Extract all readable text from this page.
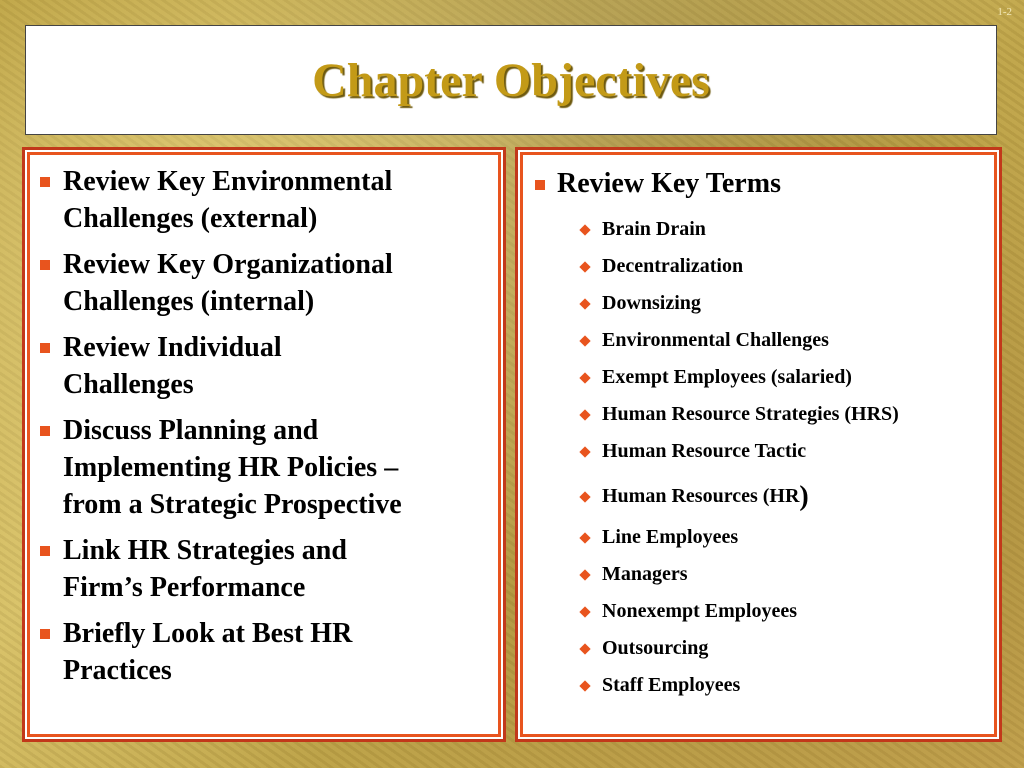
1-2
Chapter Objectives
Review Key Environmental
Challenges (external)
Review Key Organizational
Challenges (internal)
Review Individual
Challenges
Discuss Planning and
Implementing HR Policies –
from a Strategic Prospective
Link HR Strategies and
Firm’s Performance
Briefly Look at Best HR
Practices
Review Key Terms
Brain Drain
Decentralization
Downsizing
Environmental Challenges
Exempt Employees (salaried)
Human Resource Strategies (HRS)
Human Resource Tactic
Human Resources (HR )
Line Employees
Managers
Nonexempt Employees
Outsourcing
Staff Employees
